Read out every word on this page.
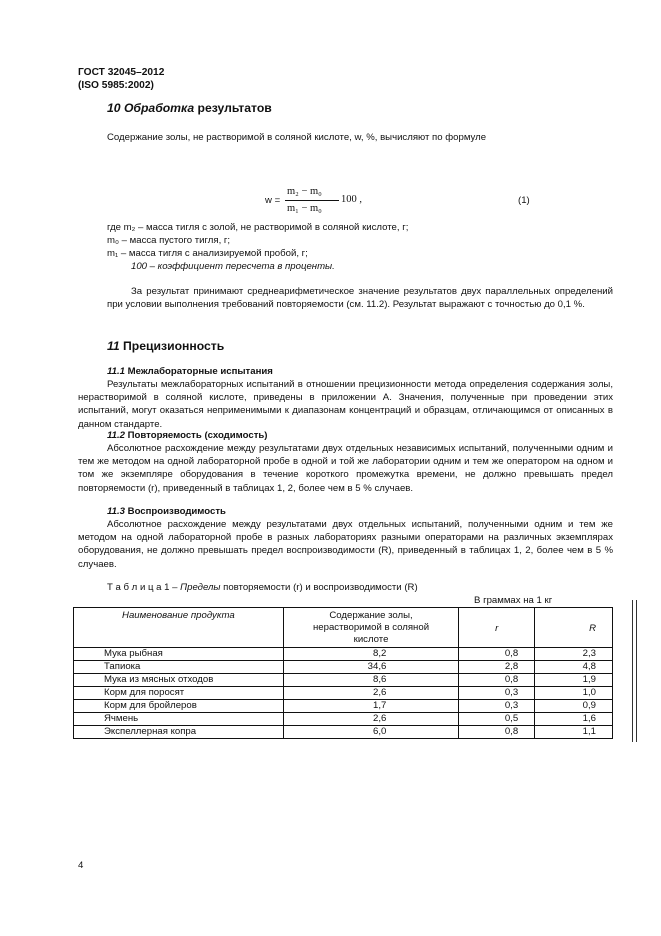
ГОСТ 32045–2012
(ISO 5985:2002)
10 Обработка результатов
Содержание золы, не растворимой в соляной кислоте, w, %, вычисляют по формуле
w =
m₂ − m₀
m₁ − m₀
100 ,	(1)
где m₂ – масса тигля с золой, не растворимой в соляной кислоте, г;
m₀ – масса пустого тигля, г;
m₁ – масса тигля с анализируемой пробой, г;
100 – коэффициент пересчета в проценты.
За результат принимают среднеарифметическое значение результатов двух параллельных определений при условии выполнения требований повторяемости (см. 11.2). Результат выражают с точностью до 0,1 %.
11 Прецизионность
11.1 Межлабораторные испытания
Результаты межлабораторных испытаний в отношении прецизионности метода определения содержания золы, нерастворимой в соляной кислоте, приведены в приложении А. Значения, полученные при проведении этих испытаний, могут оказаться неприменимыми к диапазонам концентраций и образцам, отличающимся от описанных в данном стандарте.
11.2 Повторяемость (сходимость)
Абсолютное расхождение между результатами двух отдельных независимых испытаний, полученными одним и тем же методом на одной лабораторной пробе в одной и той же лаборатории одним и тем же оператором на одном и том же экземпляре оборудования в течение короткого промежутка времени, не должно превышать предел повторяемости (r), приведенный в таблицах 1, 2, более чем в 5 % случаев.
11.3 Воспроизводимость
Абсолютное расхождение между результатами двух отдельных испытаний, полученными одним и тем же методом на одной лабораторной пробе в разных лабораториях разными операторами на различных экземплярах оборудования, не должно превышать предел воспроизводимости (R), приведенный в таблицах 1, 2, более чем в 5 % случаев.
Т а б л и ц а 1 – Пределы повторяемости (r) и воспроизводимости (R)
В граммах на 1 кг
Наименование продукта	Содержание золы, нерастворимой в соляной кислоте	r	R
Мука рыбная	8,2	0,8	2,3
Тапиока	34,6	2,8	4,8
Мука из мясных отходов	8,6	0,8	1,9
Корм для поросят	2,6	0,3	1,0
Корм для бройлеров	1,7	0,3	0,9
Ячмень	2,6	0,5	1,6
Экспеллерная копра	6,0	0,8	1,1
4
